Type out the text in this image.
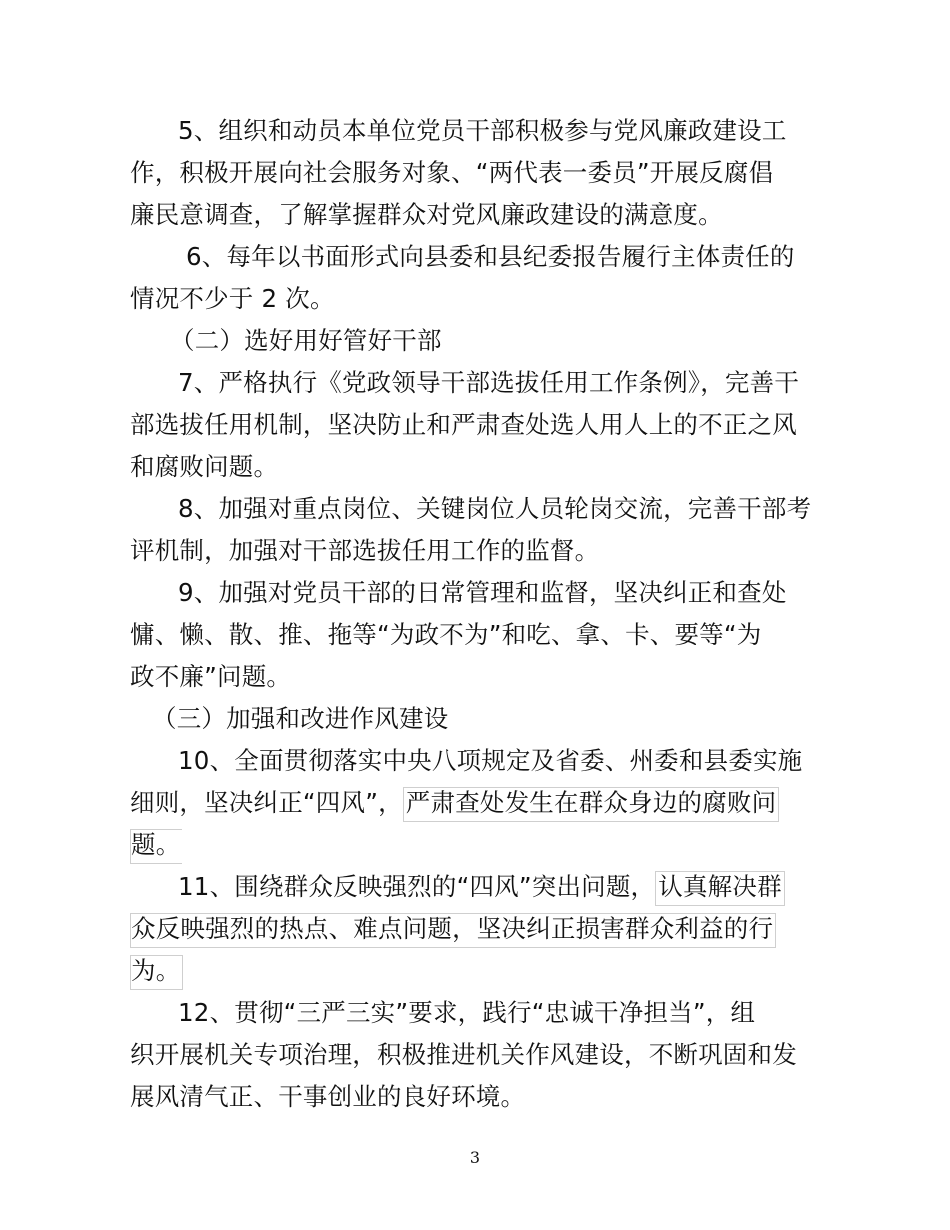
5、组织和动员本单位党员干部积极参与党风廉政建设工
作，积极开展向社会服务对象、“两代表一委员”开展反腐倡
廉民意调查，了解掌握群众对党风廉政建设的满意度。
6、每年以书面形式向县委和县纪委报告履行主体责任的
情况不少于 2 次。
（二）选好用好管好干部
7、严格执行《党政领导干部选拔任用工作条例》，完善干
部选拔任用机制，坚决防止和严肃查处选人用人上的不正之风
和腐败问题。
8、加强对重点岗位、关键岗位人员轮岗交流，完善干部考
评机制，加强对干部选拔任用工作的监督。
9、加强对党员干部的日常管理和监督，坚决纠正和查处
慵、懒、散、推、拖等“为政不为”和吃、拿、卡、要等“为
政不廉”问题。
（三）加强和改进作风建设
10、全面贯彻落实中央八项规定及省委、州委和县委实施
细则，坚决纠正“四风”， 严肃查处发生在群众身边的腐败问
题。
11、围绕群众反映强烈的“四风”突出问题， 认真解决群
众反映强烈的热点、难点问题，坚决纠正损害群众利益的行
为。
12、贯彻“三严三实”要求，践行“忠诚干净担当”，组
织开展机关专项治理，积极推进机关作风建设，不断巩固和发
展风清气正、干事创业的良好环境。
3
